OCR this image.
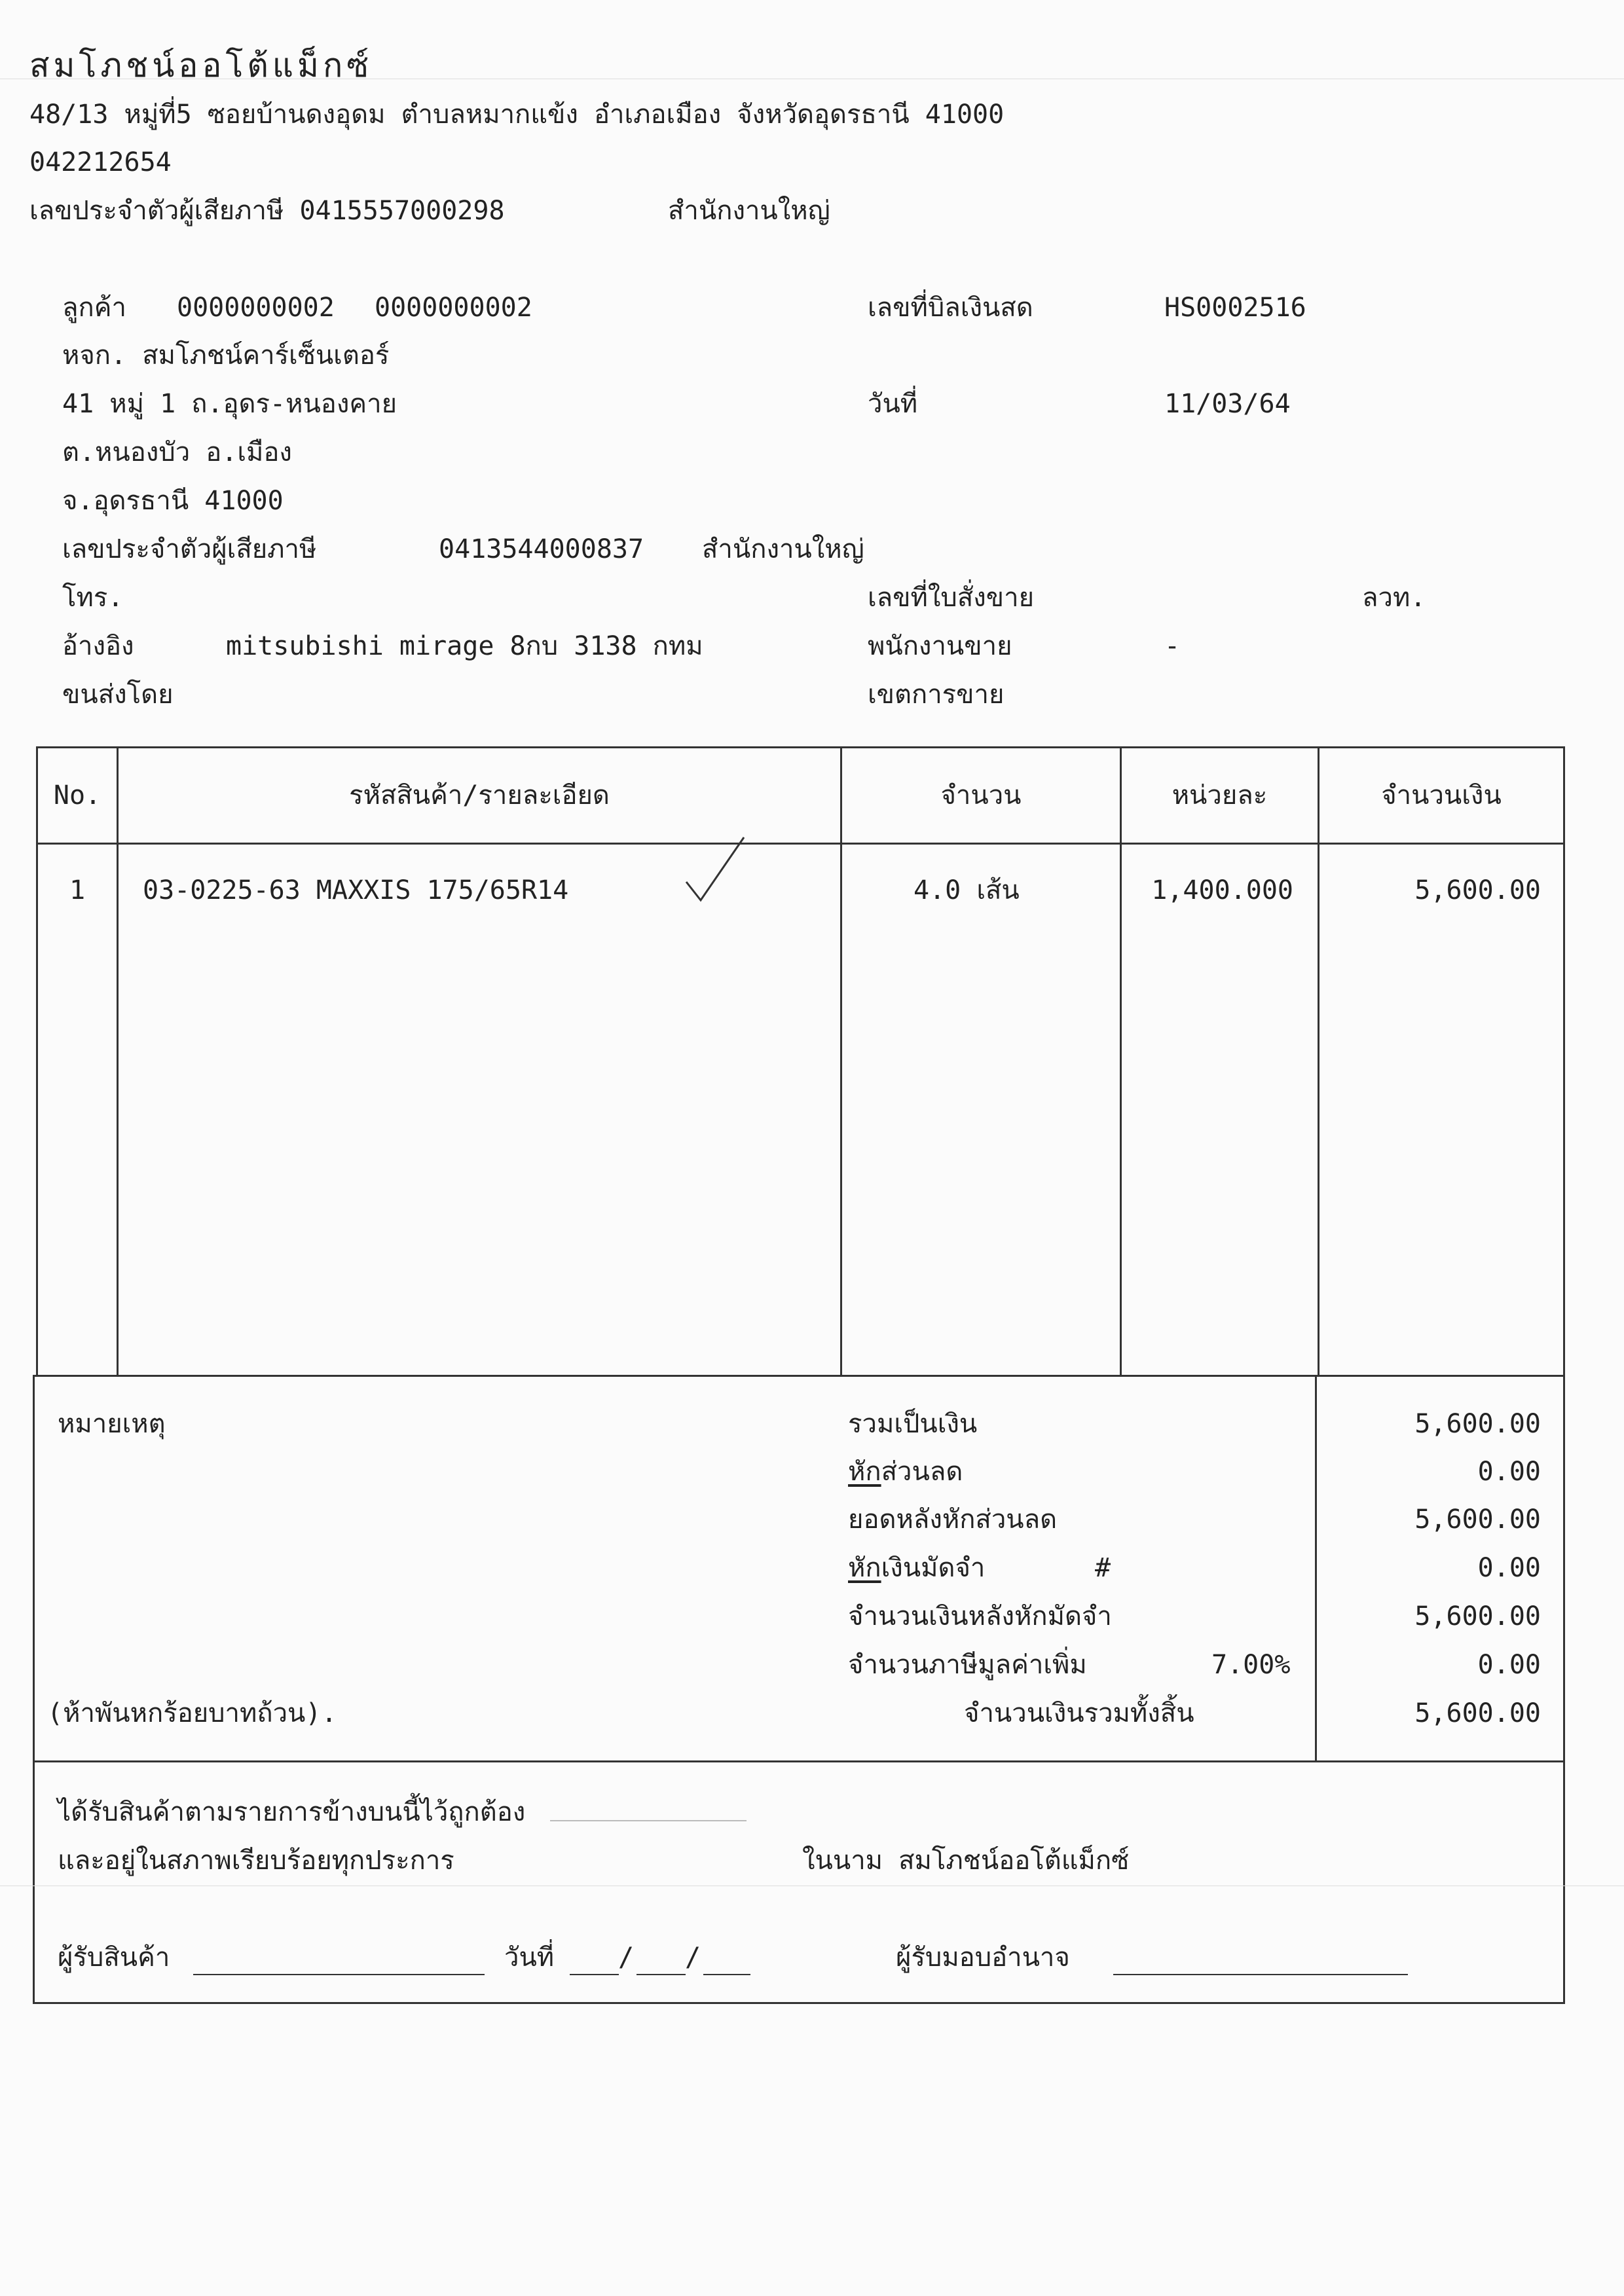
สมโภชน์ออโต้แม็กซ์
48/13 หมู่ที่5 ซอยบ้านดงอุดม ตำบลหมากแข้ง อำเภอเมือง จังหวัดอุดรธานี 41000
042212654
เลขประจำตัวผู้เสียภาษี 0415557000298	สำนักงานใหญ่
ลูกค้า 0000000002 0000000002
หจก. สมโภชน์คาร์เซ็นเตอร์
41 หมู่ 1 ถ.อุดร-หนองคาย
ต.หนองบัว อ.เมือง
จ.อุดรธานี 41000
เลขประจำตัวผู้เสียภาษี	0413544000837 สำนักงานใหญ่
โทร.
อ้างอิง	mitsubishi mirage 8กบ 3138 กทม
ขนส่งโดย
เลขที่บิลเงินสด	HS0002516
วันที่	11/03/64
เลขที่ใบสั่งขาย	ลวท.
พนักงานขาย	-
เขตการขาย
No.	รหัสสินค้า/รายละเอียด	จำนวน	หน่วยละ	จำนวนเงิน
1	03-0225-63 MAXXIS 175/65R14	4.0 เส้น	1,400.000	5,600.00
หมายเหตุ
(ห้าพันหกร้อยบาทถ้วน).
รวมเป็นเงิน	5,600.00
หักส่วนลด	0.00
ยอดหลังหักส่วนลด	5,600.00
หักเงินมัดจำ	#	0.00
จำนวนเงินหลังหักมัดจำ	5,600.00
จำนวนภาษีมูลค่าเพิ่ม	7.00%	0.00
จำนวนเงินรวมทั้งสิ้น	5,600.00
ได้รับสินค้าตามรายการข้างบนนี้ไว้ถูกต้อง
และอยู่ในสภาพเรียบร้อยทุกประการ	ในนาม สมโภชน์ออโต้แม็กซ์
ผู้รับสินค้า	วันที่ / /	ผู้รับมอบอำนาจ
